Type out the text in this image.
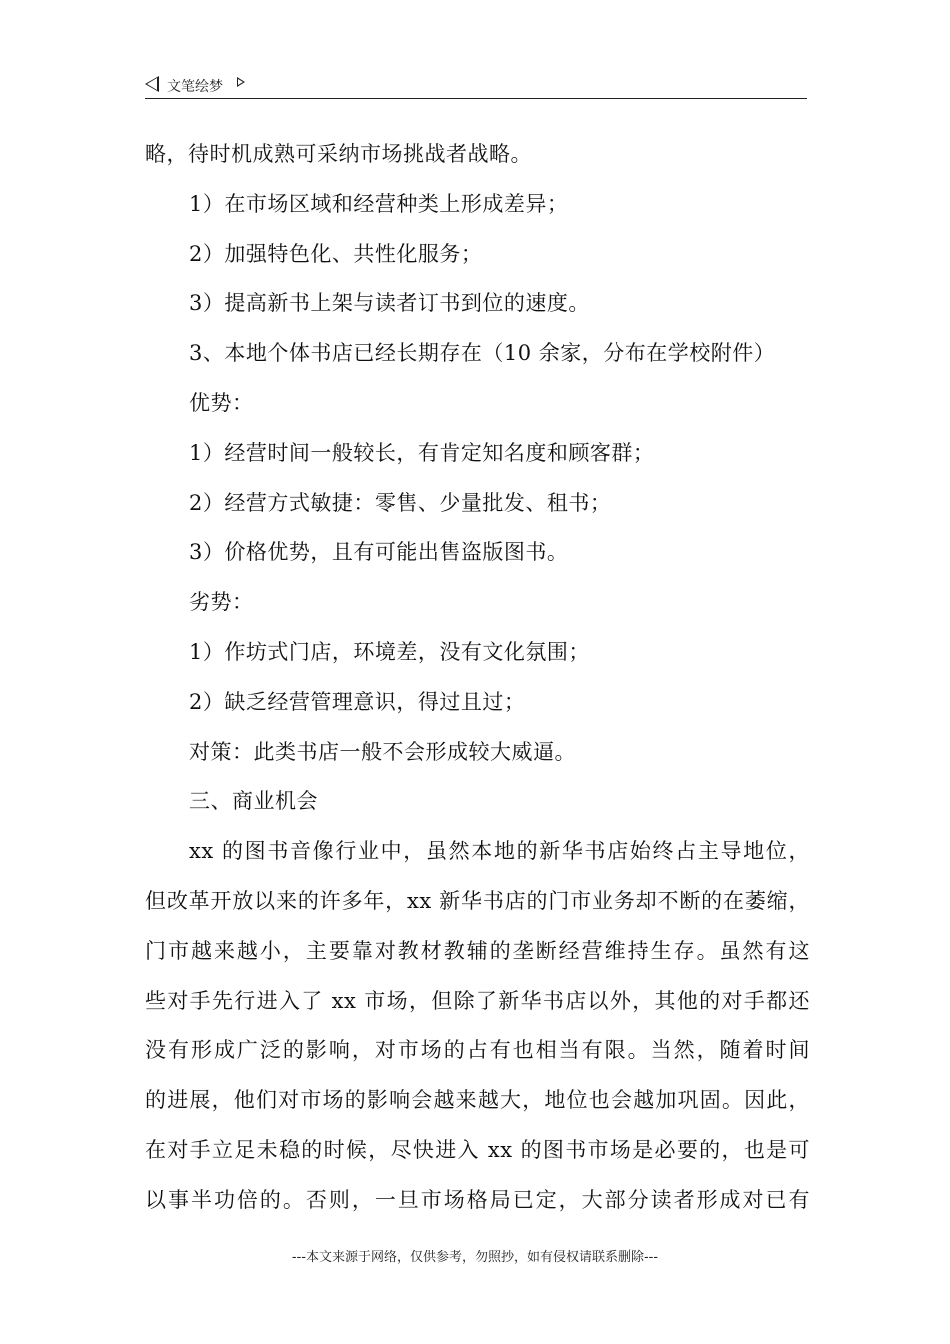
文笔绘梦
略，待时机成熟可采纳市场挑战者战略。
1）在市场区域和经营种类上形成差异；
2）加强特色化、共性化服务；
3）提高新书上架与读者订书到位的速度。
3、本地个体书店已经长期存在（10 余家，分布在学校附件）
优势：
1）经营时间一般较长，有肯定知名度和顾客群；
2）经营方式敏捷：零售、少量批发、租书；
3）价格优势，且有可能出售盗版图书。
劣势：
1）作坊式门店，环境差，没有文化氛围；
2）缺乏经营管理意识，得过且过；
对策：此类书店一般不会形成较大威逼。
三、商业机会
xx 的图书音像行业中，虽然本地的新华书店始终占主导地位，
但改革开放以来的许多年，xx 新华书店的门市业务却不断的在萎缩，
门市越来越小，主要靠对教材教辅的垄断经营维持生存。虽然有这
些对手先行进入了 xx 市场，但除了新华书店以外，其他的对手都还
没有形成广泛的影响，对市场的占有也相当有限。当然，随着时间
的进展，他们对市场的影响会越来越大，地位也会越加巩固。因此，
在对手立足未稳的时候，尽快进入 xx 的图书市场是必要的，也是可
以事半功倍的。否则，一旦市场格局已定，大部分读者形成对已有
---本文来源于网络，仅供参考，勿照抄，如有侵权请联系删除---
